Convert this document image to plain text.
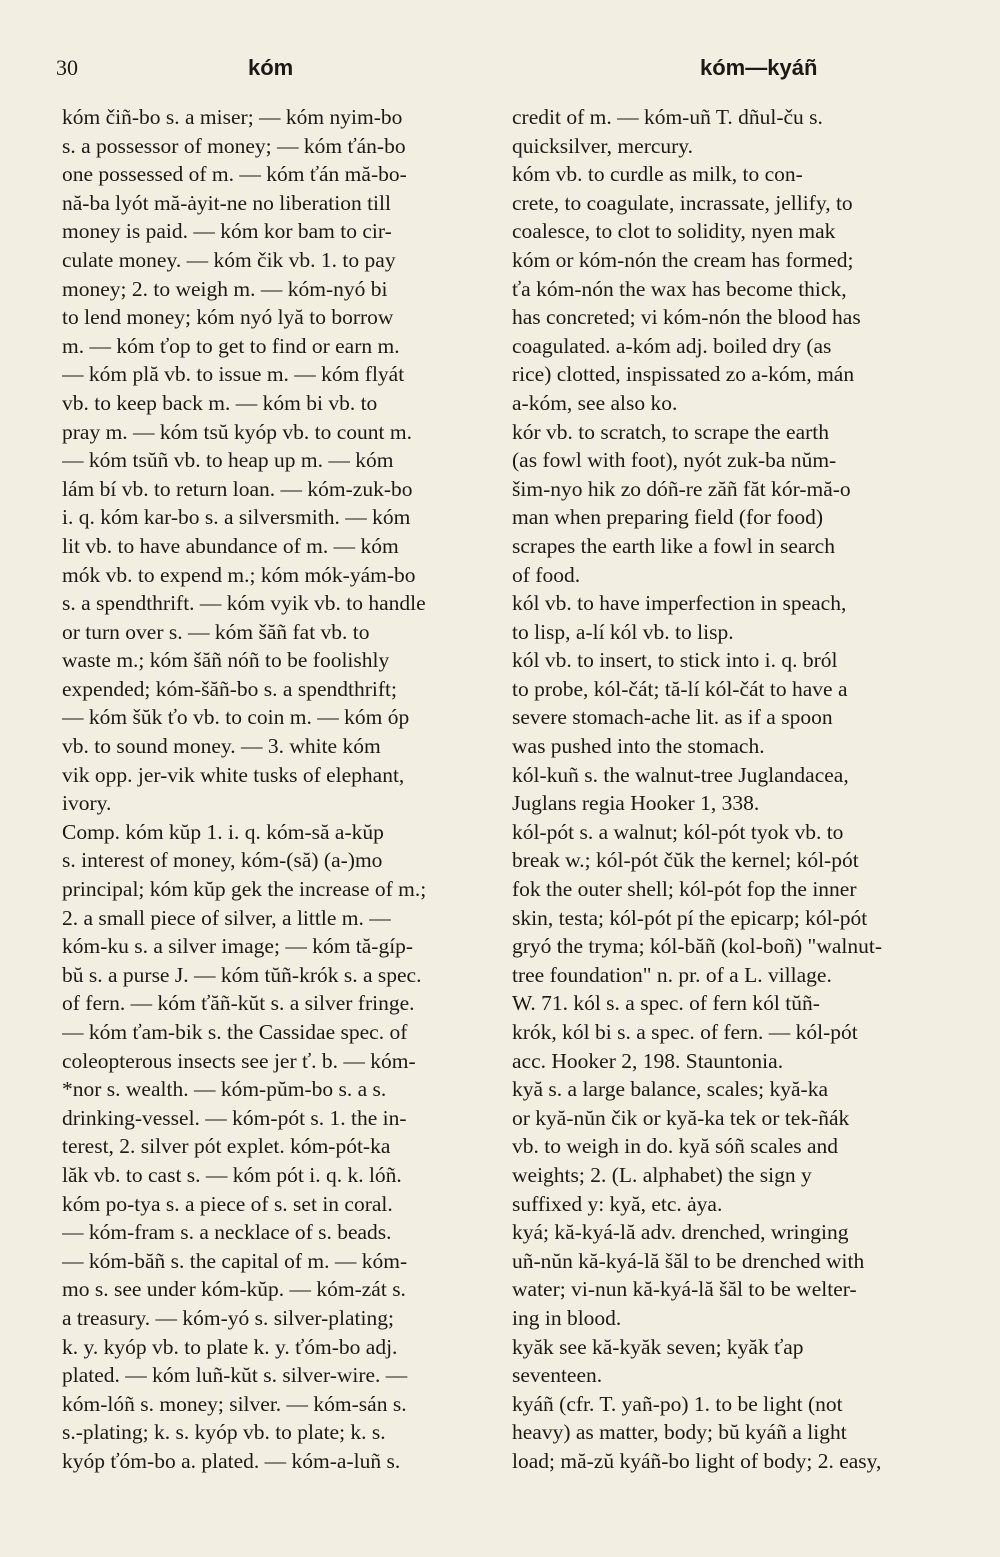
30	kóm	kóm—kyáñ
kóm čiñ-bo s. a miser; — kóm nyim-bo
s. a possessor of money; — kóm ťán-bo
one possessed of m. — kóm ťán mă-bo-
nă-ba lyót mă-ȧyit-ne no liberation till
money is paid. — kóm kor bam to cir-
culate money. — kóm čik vb. 1. to pay
money; 2. to weigh m. — kóm-nyó bi
to lend money; kóm nyó lyă to borrow
m. — kóm ťop to get to find or earn m.
— kóm plă vb. to issue m. — kóm flyát
vb. to keep back m. — kóm bi vb. to
pray m. — kóm tsŭ kyóp vb. to count m.
— kóm tsŭñ vb. to heap up m. — kóm
lám bí vb. to return loan. — kóm-zuk-bo
i. q. kóm kar-bo s. a silversmith. — kóm
lit vb. to have abundance of m. — kóm
mók vb. to expend m.; kóm mók-yám-bo
s. a spendthrift. — kóm vyik vb. to handle
or turn over s. — kóm šăñ fat vb. to
waste m.; kóm šăñ nóñ to be foolishly
expended; kóm-šăñ-bo s. a spendthrift;
— kóm šŭk ťo vb. to coin m. — kóm óp
vb. to sound money. — 3. white kóm
vik opp. jer-vik white tusks of elephant,
ivory.
Comp. kóm kŭp 1. i. q. kóm-să a-kŭp
s. interest of money, kóm-(să) (a-)mo
principal; kóm kŭp gek the increase of m.;
2. a small piece of silver, a little m. —
kóm-ku s. a silver image; — kóm tă-gíp-
bŭ s. a purse J. — kóm tŭñ-krók s. a spec.
of fern. — kóm ťăñ-kŭt s. a silver fringe.
— kóm ťam-bik s. the Cassidae spec. of
coleopterous insects see jer ť. b. — kóm-
*nor s. wealth. — kóm-pŭm-bo s. a s.
drinking-vessel. — kóm-pót s. 1. the in-
terest, 2. silver pót explet. kóm-pót-ka
lăk vb. to cast s. — kóm pót i. q. k. lóñ.
kóm po-tya s. a piece of s. set in coral.
— kóm-fram s. a necklace of s. beads.
— kóm-băñ s. the capital of m. — kóm-
mo s. see under kóm-kŭp. — kóm-zát s.
a treasury. — kóm-yó s. silver-plating;
k. y. kyóp vb. to plate k. y. ťóm-bo adj.
plated. — kóm luñ-kŭt s. silver-wire. —
kóm-lóñ s. money; silver. — kóm-sán s.
s.-plating; k. s. kyóp vb. to plate; k. s.
kyóp ťóm-bo a. plated. — kóm-a-luñ s.
credit of m. — kóm-uñ T. dñul-ču s.
quicksilver, mercury.
kóm vb. to curdle as milk, to con-
crete, to coagulate, incrassate, jellify, to
coalesce, to clot to solidity, nyen mak
kóm or kóm-nón the cream has formed;
ťa kóm-nón the wax has become thick,
has concreted; vi kóm-nón the blood has
coagulated. a-kóm adj. boiled dry (as
rice) clotted, inspissated zo a-kóm, mán
a-kóm, see also ko.
kór vb. to scratch, to scrape the earth
(as fowl with foot), nyót zuk-ba nŭm-
šim-nyo hik zo dóñ-re zăñ făt kór-mă-o
man when preparing field (for food)
scrapes the earth like a fowl in search
of food.
kól vb. to have imperfection in speach,
to lisp, a-lí kól vb. to lisp.
kól vb. to insert, to stick into i. q. bról
to probe, kól-čát; tă-lí kól-čát to have a
severe stomach-ache lit. as if a spoon
was pushed into the stomach.
kól-kuñ s. the walnut-tree Juglandacea,
Juglans regia Hooker 1, 338.
kól-pót s. a walnut; kól-pót tyok vb. to
break w.; kól-pót čŭk the kernel; kól-pót
fok the outer shell; kól-pót fop the inner
skin, testa; kól-pót pí the epicarp; kól-pót
gryó the tryma; kól-băñ (kol-boñ) "walnut-
tree foundation" n. pr. of a L. village.
W. 71. kól s. a spec. of fern kól tŭñ-
krók, kól bi s. a spec. of fern. — kól-pót
acc. Hooker 2, 198. Stauntonia.
kyă s. a large balance, scales; kyă-ka
or kyă-nŭn čik or kyă-ka tek or tek-ñák
vb. to weigh in do. kyă sóñ scales and
weights; 2. (L. alphabet) the sign y
suffixed y: kyă, etc. ȧya.
kyá; kă-kyá-lă adv. drenched, wringing
uñ-nŭn kă-kyá-lă šăl to be drenched with
water; vi-nun kă-kyá-lă šăl to be welter-
ing in blood.
kyăk see kă-kyăk seven; kyăk ťap
seventeen.
kyáñ (cfr. T. yañ-po) 1. to be light (not
heavy) as matter, body; bŭ kyáñ a light
load; mă-zŭ kyáñ-bo light of body; 2. easy,
